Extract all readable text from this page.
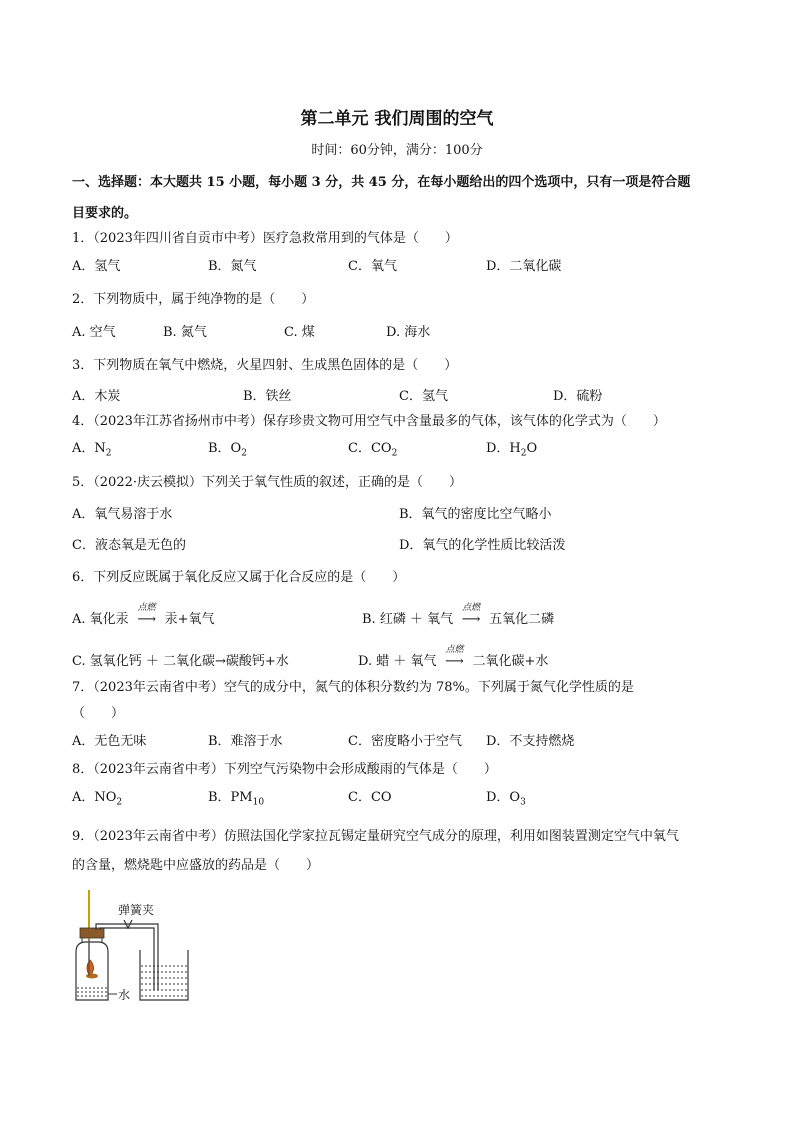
第二单元 我们周围的空气
时间：60分钟，满分：100分
一、选择题：本大题共 15 小题，每小题 3 分，共 45 分，在每小题给出的四个选项中，只有一项是符合题
目要求的。
1．（2023年四川省自贡市中考）医疗急救常用到的气体是（　　）
A．氢气	B．氮气	C．氧气	D．二氧化碳
2．下列物质中，属于纯净物的是（　　）
A. 空气	B. 氮气	C. 煤	D. 海水
3．下列物质在氧气中燃烧，火星四射、生成黑色固体的是（　　）
A．木炭	B．铁丝	C．氢气	D．硫粉
4．（2023年江苏省扬州市中考）保存珍贵文物可用空气中含量最多的气体，该气体的化学式为（　　）
A．$N_2$	B．$O_2$	C．$CO_2$	D．$H_2O$
5．（2022·庆云模拟）下列关于氧气性质的叙述，正确的是（　　）
A．氧气易溶于水	B．氧气的密度比空气略小
C．液态氧是无色的	D．氧气的化学性质比较活泼
6．下列反应既属于氧化反应又属于化合反应的是（　　）
A. 氧化汞
点燃
⟶ 汞+氧气	B. 红磷 ＋ 氧气
点燃
⟶ 五氧化二磷
C. 氢氧化钙 ＋ 二氧化碳→碳酸钙+水	D. 蜡 ＋ 氧气
点燃
⟶ 二氧化碳+水
7．（2023年云南省中考）空气的成分中，氮气的体积分数约为 78%。下列属于氮气化学性质的是
（　　）
A．无色无味	B．难溶于水	C．密度略小于空气 D．不支持燃烧
8．（2023年云南省中考）下列空气污染物中会形成酸雨的气体是（　　）
A．$NO_2$	B．$PM_{10}$	C．CO	D．$O_3$
9．（2023年云南省中考）仿照法国化学家拉瓦锡定量研究空气成分的原理，利用如图装置测定空气中氧气
的含量，燃烧匙中应盛放的药品是（　　）
水
弹簧夹
